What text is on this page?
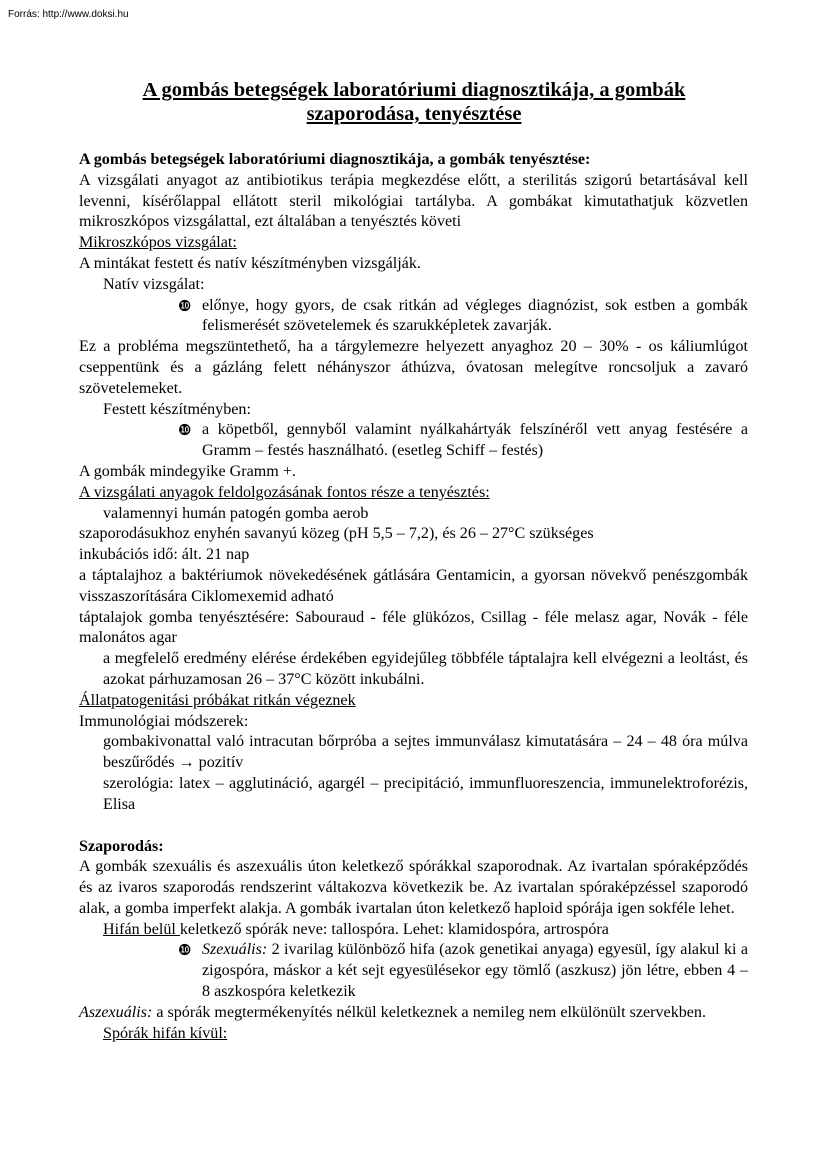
Forrás: http://www.doksi.hu
A gombás betegségek laboratóriumi diagnosztikája, a gombák
szaporodása, tenyésztése

A gombás betegségek laboratóriumi diagnosztikája, a gombák tenyésztése:

A vizsgálati anyagot az antibiotikus terápia megkezdése előtt, a sterilitás szigorú betartásával kell levenni, kísérőlappal ellátott steril mikológiai tartályba. A gombákat kimutathatjuk közvetlen mikroszkópos vizsgálattal, ezt általában a tenyésztés követi

Mikroszkópos vizsgálat:

A mintákat festett és natív készítményben vizsgálják.

Natív vizsgálat:
❿ előnye, hogy gyors, de csak ritkán ad végleges diagnózist, sok estben a gombák felismerését szövetelemek és szarukképletek zavarják.

Ez a probléma megszüntethető, ha a tárgylemezre helyezett anyaghoz 20 – 30% - os káliumlúgot cseppentünk és a gázláng felett néhányszor áthúzva, óvatosan melegítve roncsoljuk a zavaró szövetelemeket.

Festett készítményben:
❿ a köpetből, gennyből valamint nyálkahártyák felszínéről vett anyag festésére a Gramm – festés használható. (esetleg Schiff – festés)

A gombák mindegyike Gramm +.

A vizsgálati anyagok feldolgozásának fontos része a tenyésztés:

valamennyi humán patogén gomba aerob

szaporodásukhoz enyhén savanyú közeg (pH 5,5 – 7,2), és 26 – 27°C szükséges

inkubációs idő: ált. 21 nap

a táptalajhoz a baktériumok növekedésének gátlására Gentamicin, a gyorsan növekvő penészgombák visszaszorítására Ciklomexemid adható

táptalajok gomba tenyésztésére: Sabouraud - féle glükózos, Csillag - féle melasz agar, Novák - féle malonátos agar

a megfelelő eredmény elérése érdekében egyidejűleg többféle táptalajra kell elvégezni a leoltást, és azokat párhuzamosan 26 – 37°C között inkubálni.

Állatpatogenitási próbákat ritkán végeznek

Immunológiai módszerek:

gombakivonattal való intracutan bőrpróba a sejtes immunválasz kimutatására – 24 – 48 óra múlva beszűrődés → pozitív
szerológia: latex – agglutináció, agargél – precipitáció, immunfluoreszencia, immunelektroforézis, Elisa

Szaporodás:

A gombák szexuális és aszexuális úton keletkező spórákkal szaporodnak. Az ivartalan spóraképződés és az ivaros szaporodás rendszerint váltakozva következik be. Az ivartalan spóraképzéssel szaporodó alak, a gomba imperfekt alakja. A gombák ivartalan úton keletkező haploid spórája igen sokféle lehet.

Hifán belül keletkező spórák neve: tallospóra. Lehet: klamidospóra, artrospóra
❿ Szexuális: 2 ivarilag különböző hifa (azok genetikai anyaga) egyesül, így alakul ki a zigospóra, máskor a két sejt egyesülésekor egy tömlő (aszkusz) jön létre, ebben 4 – 8 aszkospóra keletkezik

Aszexuális: a spórák megtermékenyítés nélkül keletkeznek a nemileg nem elkülönült szervekben.

Spórák hifán kívül:
